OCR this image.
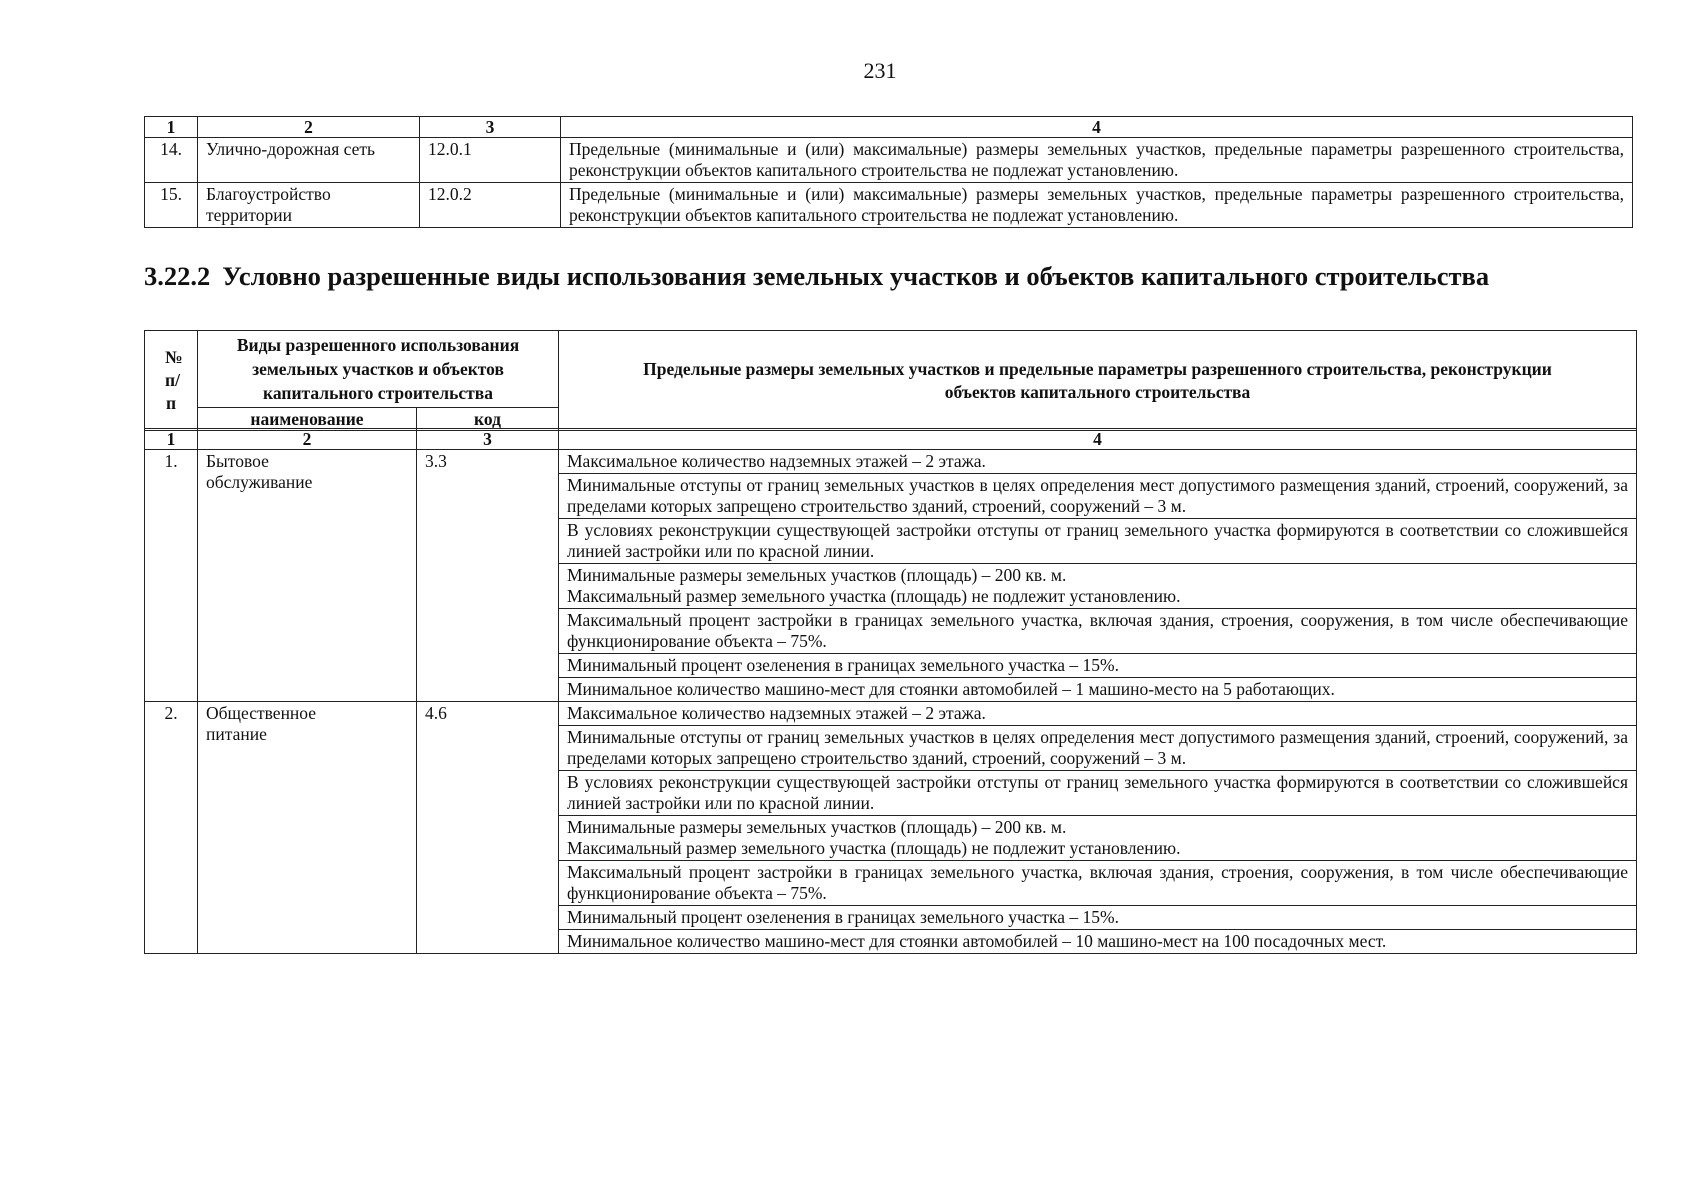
231
1	2	3	4
14.	Улично-дорожная сеть	12.0.1	Предельные (минимальные и (или) максимальные) размеры земельных участков, предельные параметры разрешенного строительства, реконструкции объектов капитального строительства не подлежат установлению.
15.	Благоустройство территории	12.0.2	Предельные (минимальные и (или) максимальные) размеры земельных участков, предельные параметры разрешенного строительства, реконструкции объектов капитального строительства не подлежат установлению.
3.22.2 Условно разрешенные виды использования земельных участков и объектов капитального строительства
№ п/п	Виды разрешенного использования земельных участков и объектов капитального строительства		Предельные размеры земельных участков и предельные параметры разрешенного строительства, реконструкции объектов капитального строительства
	наименование	код	
1	2	3	4
1.	Бытовое обслуживание	3.3	Максимальное количество надземных этажей – 2 этажа.
			Минимальные отступы от границ земельных участков в целях определения мест допустимого размещения зданий, строений, сооружений, за пределами которых запрещено строительство зданий, строений, сооружений – 3 м.
			В условиях реконструкции существующей застройки отступы от границ земельного участка формируются в соответствии со сложившейся линией застройки или по красной линии.

			Минимальные размеры земельных участков (площадь) – 200 кв. м.
Максимальный размер земельного участка (площадь) не подлежит установлению.

			Максимальный процент застройки в границах земельного участка, включая здания, строения, сооружения, в том числе обеспечивающие функционирование объекта – 75%.
			Минимальный процент озеленения в границах земельного участка – 15%.
			Минимальное количество машино-мест для стоянки автомобилей – 1 машино-место на 5 работающих.
2.	Общественное питание	4.6	Максимальное количество надземных этажей – 2 этажа.
			Минимальные отступы от границ земельных участков в целях определения мест допустимого размещения зданий, строений, сооружений, за пределами которых запрещено строительство зданий, строений, сооружений – 3 м.
			В условиях реконструкции существующей застройки отступы от границ земельного участка формируются в соответствии со сложившейся линией застройки или по красной линии.

			Минимальные размеры земельных участков (площадь) – 200 кв. м.
Максимальный размер земельного участка (площадь) не подлежит установлению.

			Максимальный процент застройки в границах земельного участка, включая здания, строения, сооружения, в том числе обеспечивающие функционирование объекта – 75%.
			Минимальный процент озеленения в границах земельного участка – 15%.
			Минимальное количество машино-мест для стоянки автомобилей – 10 машино-мест на 100 посадочных мест.
